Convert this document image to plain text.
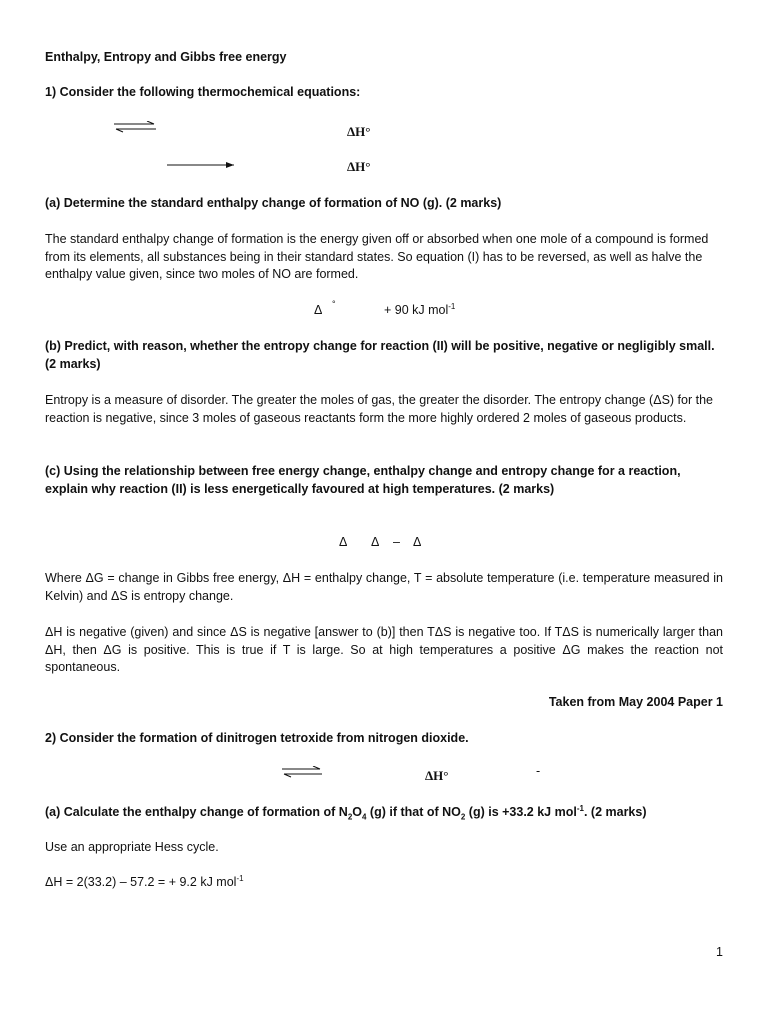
Enthalpy, Entropy and Gibbs free energy
1) Consider the following thermochemical equations:
ΔH°
ΔH°
(a) Determine the standard enthalpy change of formation of NO (g). (2 marks)
The standard enthalpy change of formation is the energy given off or absorbed when one mole of a compound is formed from its elements, all substances being in their standard states. So equation (I) has to be reversed, as well as halve the enthalpy value given, since two moles of NO are formed.
Δ °	+ 90 kJ mol$^{-1}$
(b) Predict, with reason, whether the entropy change for reaction (II) will be positive, negative or negligibly small.
(2 marks)
Entropy is a measure of disorder. The greater the moles of gas, the greater the disorder. The entropy change (ΔS) for the reaction is negative, since 3 moles of gaseous reactants form the more highly ordered 2 moles of gaseous products.
(c) Using the relationship between free energy change, enthalpy change and entropy change for a reaction, explain why reaction (II) is less energetically favoured at high temperatures. (2 marks)
Δ Δ – Δ
Where ΔG = change in Gibbs free energy, ΔH = enthalpy change, T = absolute temperature (i.e. temperature measured in Kelvin) and ΔS is entropy change.
ΔH is negative (given) and since ΔS is negative [answer to (b)] then TΔS is negative too. If TΔS is numerically larger than ΔH, then ΔG is positive. This is true if T is large. So at high temperatures a positive ΔG makes the reaction not spontaneous.
Taken from May 2004 Paper 1
2) Consider the formation of dinitrogen tetroxide from nitrogen dioxide.
ΔH°	-
(a) Calculate the enthalpy change of formation of $N_2O_4$ (g) if that of $NO_2$ (g) is +33.2 kJ mol$^{-1}$. (2 marks)
Use an appropriate Hess cycle.
ΔH = 2(33.2) – 57.2 = + 9.2 kJ mol$^{-1}$
1
